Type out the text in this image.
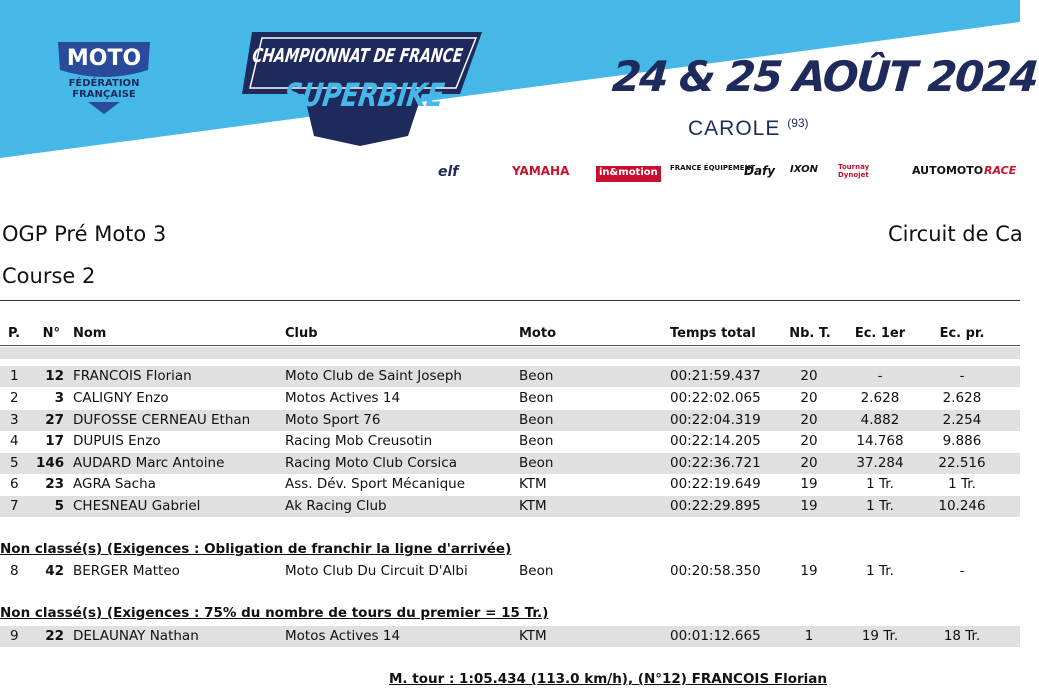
MOTO
FÉDÉRATION
FRANÇAISE
CHAMPIONNAT DE FRANCE
SUPERBIKE	24 & 25 AOÛT 2024
CAROLE $^{(93)}$
elf	YAMAHA	in&motion	FRANCE ÉQUIPEMENT
Dafy IXON	Tournay Dynojet	AUTOMOTO RACE
OGP Pré Moto 3
Course 2
Circuit de Ca
P.	N° Nom	Club	Moto	Temps total	Nb. T.	Ec. 1er	Ec. pr.
1	12 FRANCOIS Florian	Moto Club de Saint Joseph	Beon	00:21:59.437	20	-	-
2	3 CALIGNY Enzo	Motos Actives 14	Beon	00:22:02.065	20	2.628	2.628
3	27 DUFOSSE CERNEAU Ethan	Moto Sport 76	Beon	00:22:04.319	20	4.882	2.254
4	17 DUPUIS Enzo	Racing Mob Creusotin	Beon	00:22:14.205	20	14.768	9.886
5 146 AUDARD Marc Antoine	Racing Moto Club Corsica	Beon	00:22:36.721	20	37.284	22.516
6	23 AGRA Sacha	Ass. Dév. Sport Mécanique	KTM	00:22:19.649	19	1 Tr.	1 Tr.
7	5 CHESNEAU Gabriel	Ak Racing Club	KTM	00:22:29.895	19	1 Tr.	10.246
Non classé(s) (Exigences : Obligation de franchir la ligne d'arrivée)
8	42 BERGER Matteo	Moto Club Du Circuit D'Albi	Beon	00:20:58.350	19	1 Tr.	-
Non classé(s) (Exigences : 75% du nombre de tours du premier = 15 Tr.)
9	22 DELAUNAY Nathan	Motos Actives 14	KTM	00:01:12.665	1	19 Tr.	18 Tr.
M. tour : 1:05.434 (113.0 km/h), (N°12) FRANCOIS Florian
